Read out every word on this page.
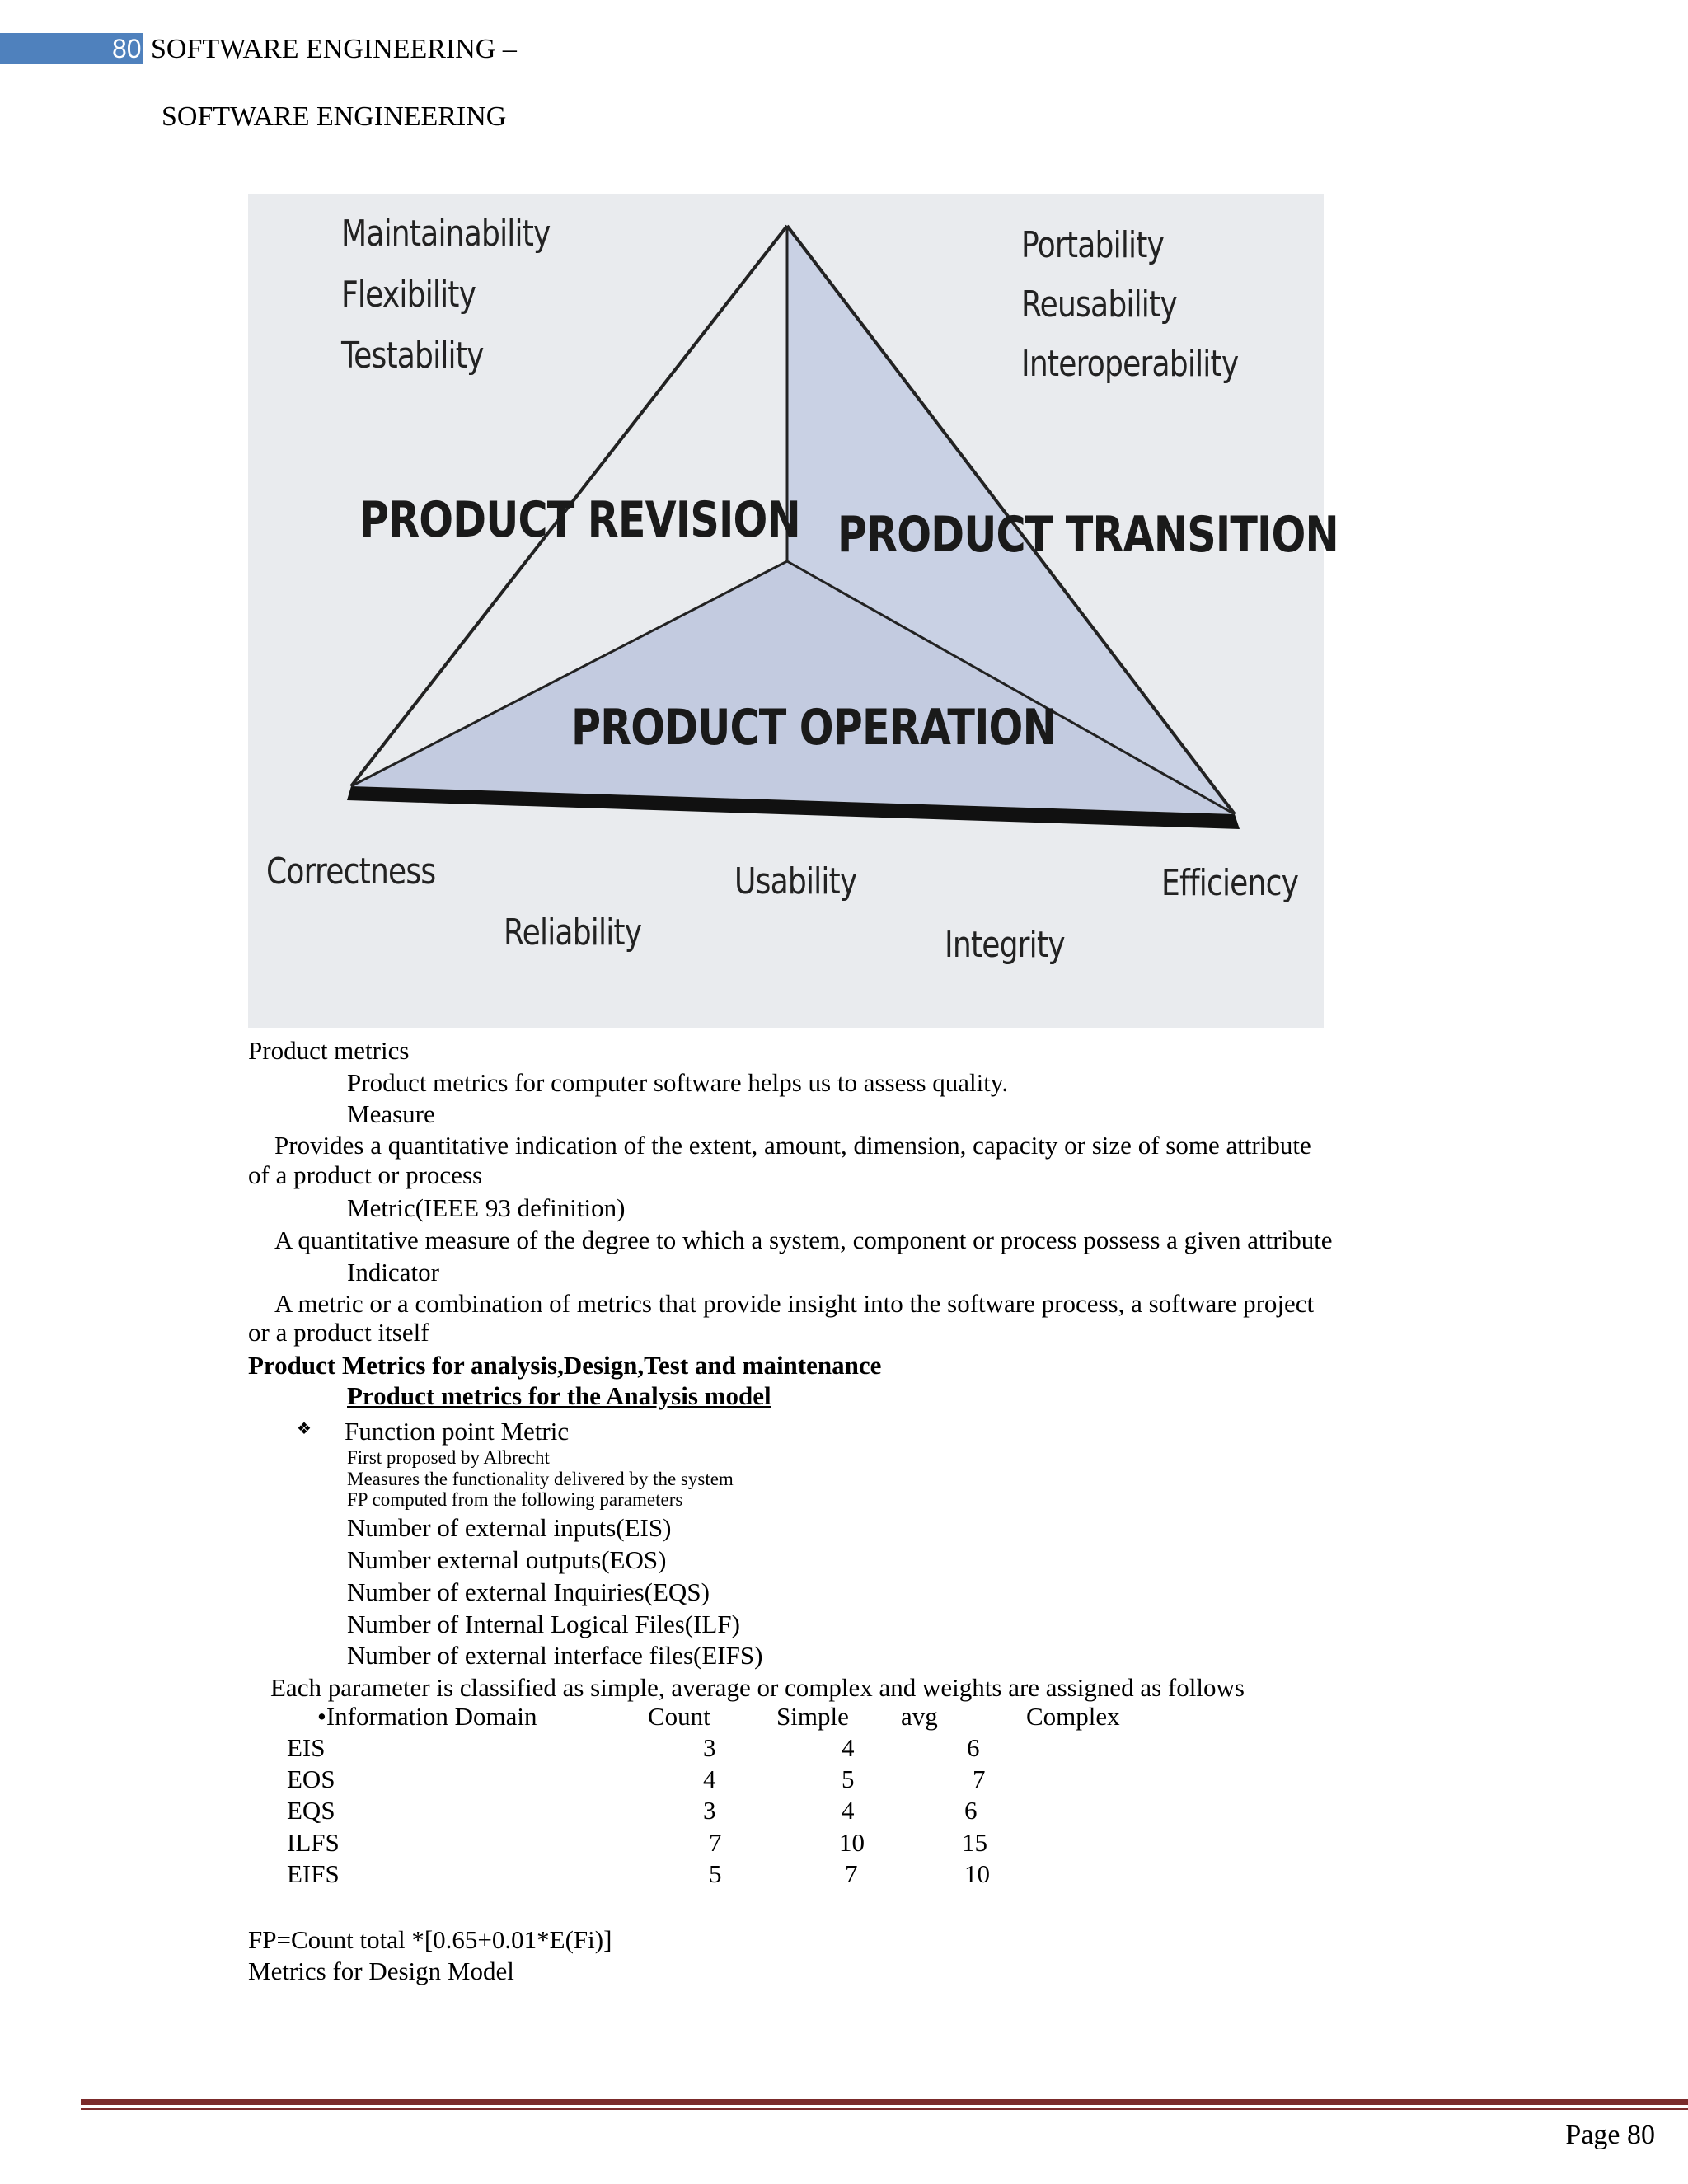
80 SOFTWARE ENGINEERING –
SOFTWARE ENGINEERING
Maintainability
Flexibility
Testability
Portability
Reusability
Interoperability
PRODUCT REVISION PRODUCT TRANSITION
PRODUCT OPERATION
Correctness	Usability	Efficiency
Reliability	Integrity
Product metrics
Product metrics for computer software helps us to assess quality.
Measure
Provides a quantitative indication of the extent, amount, dimension, capacity or size of some attribute
of a product or process
Metric(IEEE 93 definition)
A quantitative measure of the degree to which a system, component or process possess a given attribute
Indicator
A metric or a combination of metrics that provide insight into the software process, a software project
or a product itself
Product Metrics for analysis,Design,Test and maintenance
Product metrics for the Analysis model
❖ Function point Metric
First proposed by Albrecht
Measures the functionality delivered by the system
FP computed from the following parameters
Number of external inputs(EIS)
Number external outputs(EOS)
Number of external Inquiries(EQS)
Number of Internal Logical Files(ILF)
Number of external interface files(EIFS)
Each parameter is classified as simple, average or complex and weights are assigned as follows
•Information Domain	Count	Simple avg	Complex
EIS	3	4	6
EOS	4	5	7
EQS	3	4	6
ILFS	7	10	15
EIFS	5	7	10
FP=Count total *[0.65+0.01*E(Fi)]
Metrics for Design Model
Page 80
